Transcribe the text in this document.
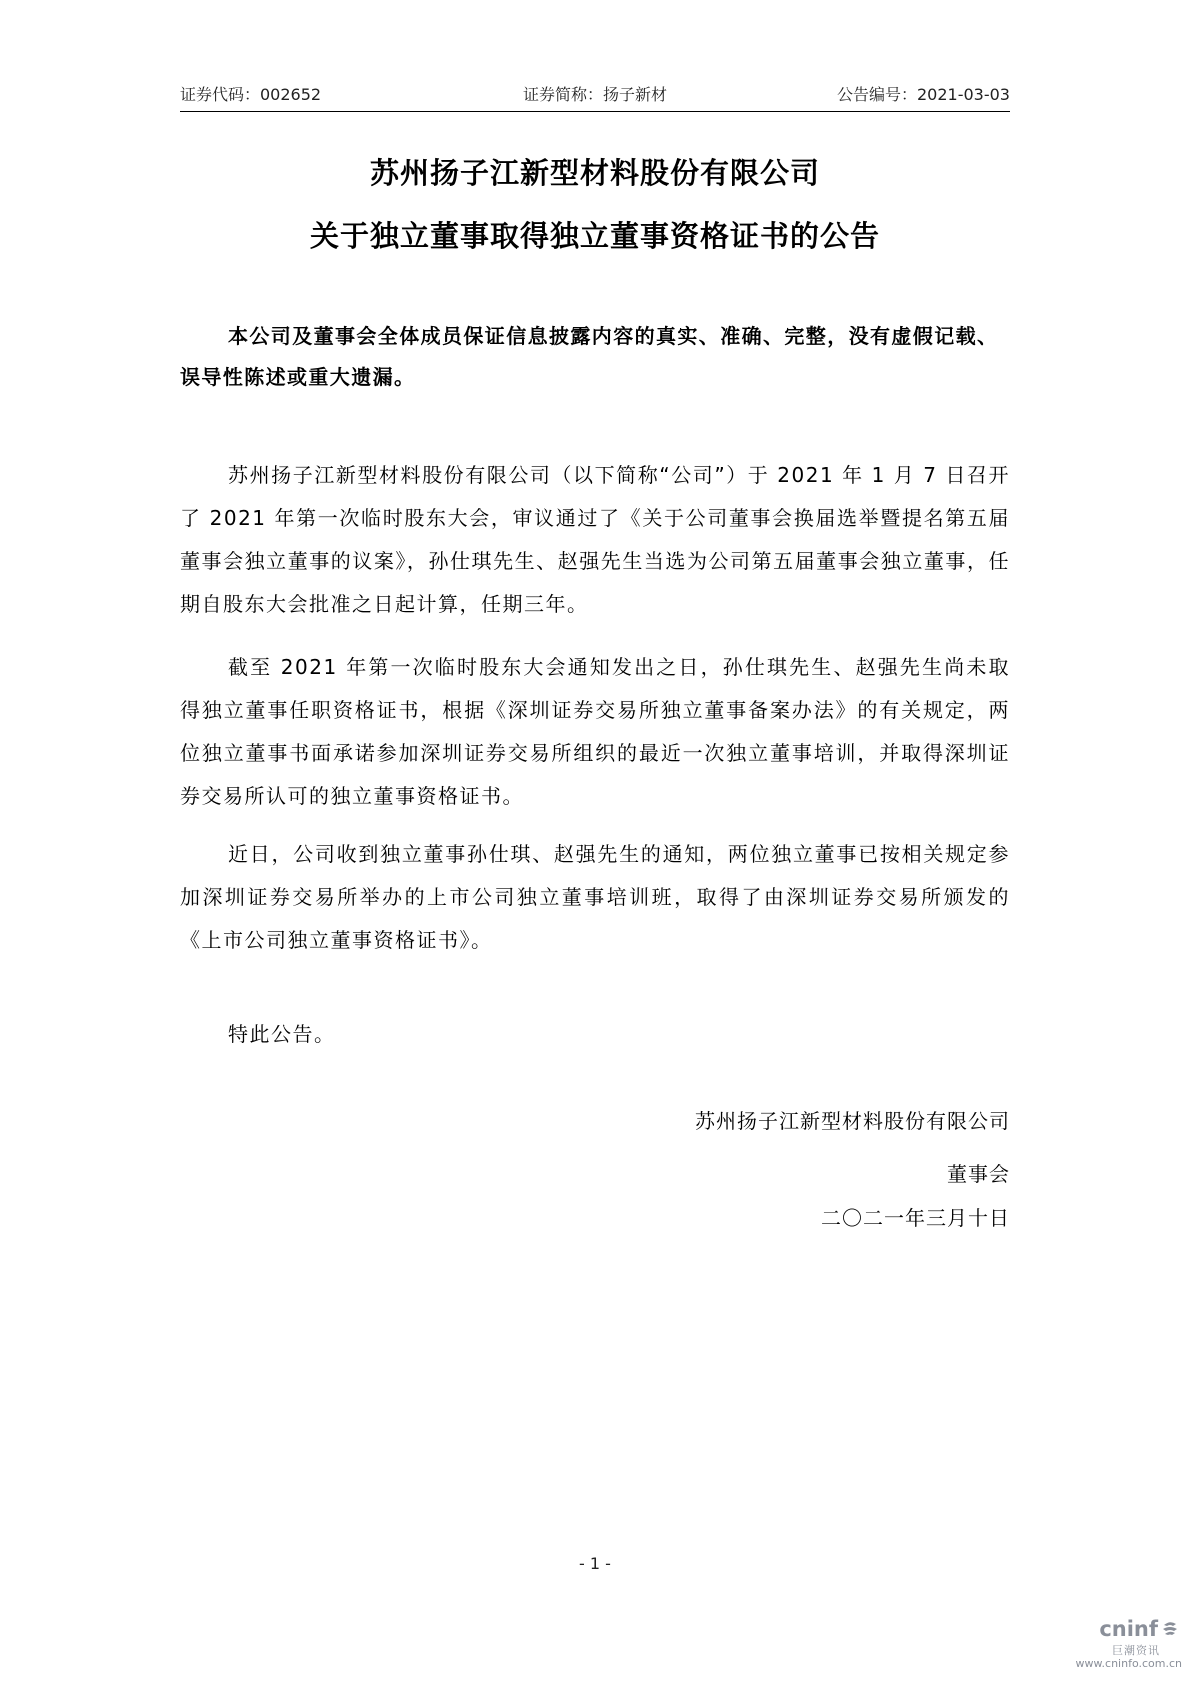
证券代码：002652	证券简称：扬子新材	公告编号：2021-03-03
苏州扬子江新型材料股份有限公司
关于独立董事取得独立董事资格证书的公告
本公司及董事会全体成员保证信息披露内容的真实、准确、完整，没有虚假记载、误导性陈述或重大遗漏。
苏州扬子江新型材料股份有限公司（以下简称“公司”）于 2021 年 1 月 7 日召开了 2021 年第一次临时股东大会，审议通过了《关于公司董事会换届选举暨提名第五届董事会独立董事的议案》，孙仕琪先生、赵强先生当选为公司第五届董事会独立董事，任期自股东大会批准之日起计算，任期三年。
截至 2021 年第一次临时股东大会通知发出之日，孙仕琪先生、赵强先生尚未取得独立董事任职资格证书，根据《深圳证券交易所独立董事备案办法》的有关规定，两位独立董事书面承诺参加深圳证券交易所组织的最近一次独立董事培训，并取得深圳证券交易所认可的独立董事资格证书。
近日，公司收到独立董事孙仕琪、赵强先生的通知，两位独立董事已按相关规定参加深圳证券交易所举办的上市公司独立董事培训班，取得了由深圳证券交易所颁发的《上市公司独立董事资格证书》。
特此公告。
苏州扬子江新型材料股份有限公司
董事会
二〇二一年三月十日
- 1 -
cninf
巨潮资讯
www.cninfo.com.cn
